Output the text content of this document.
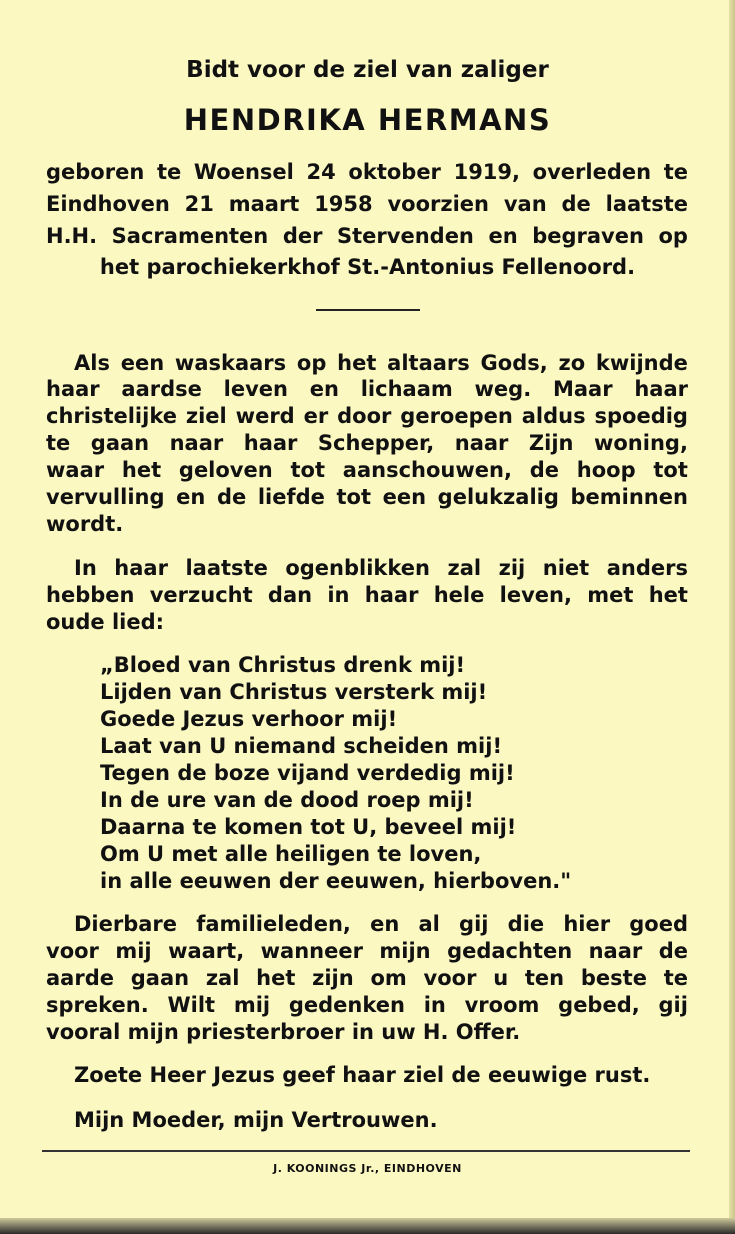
Bidt voor de ziel van zaliger
HENDRIKA HERMANS
geboren te Woensel 24 oktober 1919, overleden te
Eindhoven 21 maart 1958 voorzien van de laatste
H.H. Sacramenten der Stervenden en begraven op
het parochiekerkhof St.-Antonius Fellenoord.
Als een waskaars op het altaars Gods, zo kwijnde
haar aardse leven en lichaam weg. Maar haar
christelijke ziel werd er door geroepen aldus spoedig
te gaan naar haar Schepper, naar Zijn woning,
waar het geloven tot aanschouwen, de hoop tot
vervulling en de liefde tot een gelukzalig beminnen
wordt.
In haar laatste ogenblikken zal zij niet anders
hebben verzucht dan in haar hele leven, met het
oude lied:
„Bloed van Christus drenk mij!
Lijden van Christus versterk mij!
Goede Jezus verhoor mij!
Laat van U niemand scheiden mij!
Tegen de boze vijand verdedig mij!
In de ure van de dood roep mij!
Daarna te komen tot U, beveel mij!
Om U met alle heiligen te loven,
in alle eeuwen der eeuwen, hierboven."
Dierbare familieleden, en al gij die hier goed
voor mij waart, wanneer mijn gedachten naar de
aarde gaan zal het zijn om voor u ten beste te
spreken. Wilt mij gedenken in vroom gebed, gij
vooral mijn priesterbroer in uw H. Offer.
Zoete Heer Jezus geef haar ziel de eeuwige rust.
Mijn Moeder, mijn Vertrouwen.
J. KOONINGS Jr., EINDHOVEN
